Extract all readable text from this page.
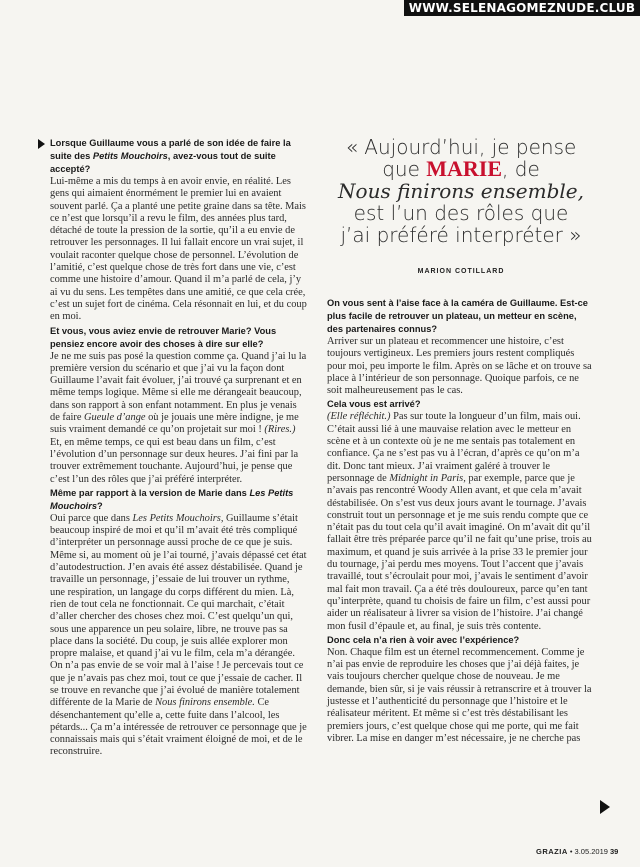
WWW.SELENAGOMEZNUDE.CLUB

Lorsque Guillaume vous a parlé de son idée de faire la suite des Petits Mouchoirs, avez-vous tout de suite accepté?

Lui-même a mis du temps à en avoir envie, en réalité. Les gens qui aimaient énormément le premier lui en avaient souvent parlé. Ça a planté une petite graine dans sa tête. Mais ce n’est que lorsqu’il a revu le film, des années plus tard, détaché de toute la pression de la sortie, qu’il a eu envie de retrouver les personnages. Il lui fallait encore un vrai sujet, il voulait raconter quelque chose de personnel. L’évolution de l’amitié, c’est quelque chose de très fort dans une vie, c’est comme une histoire d’amour. Quand il m’a parlé de cela, j’y ai vu du sens. Les tempêtes dans une amitié, ce que cela crée, c’est un sujet fort de cinéma. Cela résonnait en lui, et du coup en moi.

Et vous, vous aviez envie de retrouver Marie? Vous pensiez encore avoir des choses à dire sur elle?

Je ne me suis pas posé la question comme ça. Quand j’ai lu la première version du scénario et que j’ai vu la façon dont Guillaume l’avait fait évoluer, j’ai trouvé ça surprenant et en même temps logique. Même si elle me dérangeait beaucoup, dans son rapport à son enfant notamment. En plus je venais de faire Gueule d’ange où je jouais une mère indigne, je me suis vraiment demandé ce qu’on projetait sur moi ! (Rires.) Et, en même temps, ce qui est beau dans un film, c’est l’évolution d’un personnage sur deux heures. J’ai fini par la trouver extrêmement touchante. Aujourd’hui, je pense que c’est l’un des rôles que j’ai préféré interpréter.

Même par rapport à la version de Marie dans Les Petits Mouchoirs?

Oui parce que dans Les Petits Mouchoirs, Guillaume s’était beaucoup inspiré de moi et qu’il m’avait été très compliqué d’interpréter un personnage aussi proche de ce que je suis. Même si, au moment où je l’ai tourné, j’avais dépassé cet état d’autodestruction. J’en avais été assez déstabilisée. Quand je travaille un personnage, j’essaie de lui trouver un rythme, une respiration, un langage du corps différent du mien. Là, rien de tout cela ne fonctionnait. Ce qui marchait, c’était d’aller chercher des choses chez moi. C’est quelqu’un qui, sous une apparence un peu solaire, libre, ne trouve pas sa place dans la société. Du coup, je suis allée explorer mon propre malaise, et quand j’ai vu le film, cela m’a dérangée. On n’a pas envie de se voir mal à l’aise ! Je percevais tout ce que je n’avais pas chez moi, tout ce que j’essaie de cacher. Il se trouve en revanche que j’ai évolué de manière totalement différente de la Marie de Nous finirons ensemble. Ce désenchantement qu’elle a, cette fuite dans l’alcool, les pétards... Ça m’a intéressée de retrouver ce personnage que je connaissais mais qui s’était vraiment éloigné de moi, et de le reconstruire.

« Aujourd’hui, je pense
que MARIE, de
Nous finirons ensemble,
est l’un des rôles que
j’ai préféré interpréter »
MARION COTILLARD

On vous sent à l’aise face à la caméra de Guillaume. Est-ce plus facile de retrouver un plateau, un metteur en scène, des partenaires connus?

Arriver sur un plateau et recommencer une histoire, c’est toujours vertigineux. Les premiers jours restent compliqués pour moi, peu importe le film. Après on se lâche et on trouve sa place à l’intérieur de son personnage. Quoique parfois, ce ne soit malheureusement pas le cas.

Cela vous est arrivé?

(Elle réfléchit.) Pas sur toute la longueur d’un film, mais oui. C’était aussi lié à une mauvaise relation avec le metteur en scène et à un contexte où je ne me sentais pas totalement en confiance. Ça ne s’est pas vu à l’écran, d’après ce qu’on m’a dit. Donc tant mieux. J’ai vraiment galéré à trouver le personnage de Midnight in Paris, par exemple, parce que je n’avais pas rencontré Woody Allen avant, et que cela m’avait déstabilisée. On s’est vus deux jours avant le tournage. J’avais construit tout un personnage et je me suis rendu compte que ce n’était pas du tout cela qu’il avait imaginé. On m’avait dit qu’il fallait être très préparée parce qu’il ne fait qu’une prise, trois au maximum, et quand je suis arrivée à la prise 33 le premier jour du tournage, j’ai perdu mes moyens. Tout l’accent que j’avais travaillé, tout s’écroulait pour moi, j’avais le sentiment d’avoir mal fait mon travail. Ça a été très douloureux, parce qu’en tant qu’interprète, quand tu choisis de faire un film, c’est aussi pour aider un réalisateur à livrer sa vision de l’histoire. J’ai changé mon fusil d’épaule et, au final, je suis très contente.

Donc cela n’a rien à voir avec l’expérience?

Non. Chaque film est un éternel recommencement. Comme je n’ai pas envie de reproduire les choses que j’ai déjà faites, je vais toujours chercher quelque chose de nouveau. Je me demande, bien sûr, si je vais réussir à retranscrire et à trouver la justesse et l’authenticité du personnage que l’histoire et le réalisateur méritent. Et même si c’est très déstabilisant les premiers jours, c’est quelque chose qui me porte, qui me fait vibrer. La mise en danger m’est nécessaire, je ne cherche pas

GRAZIA • 3.05.2019 39
